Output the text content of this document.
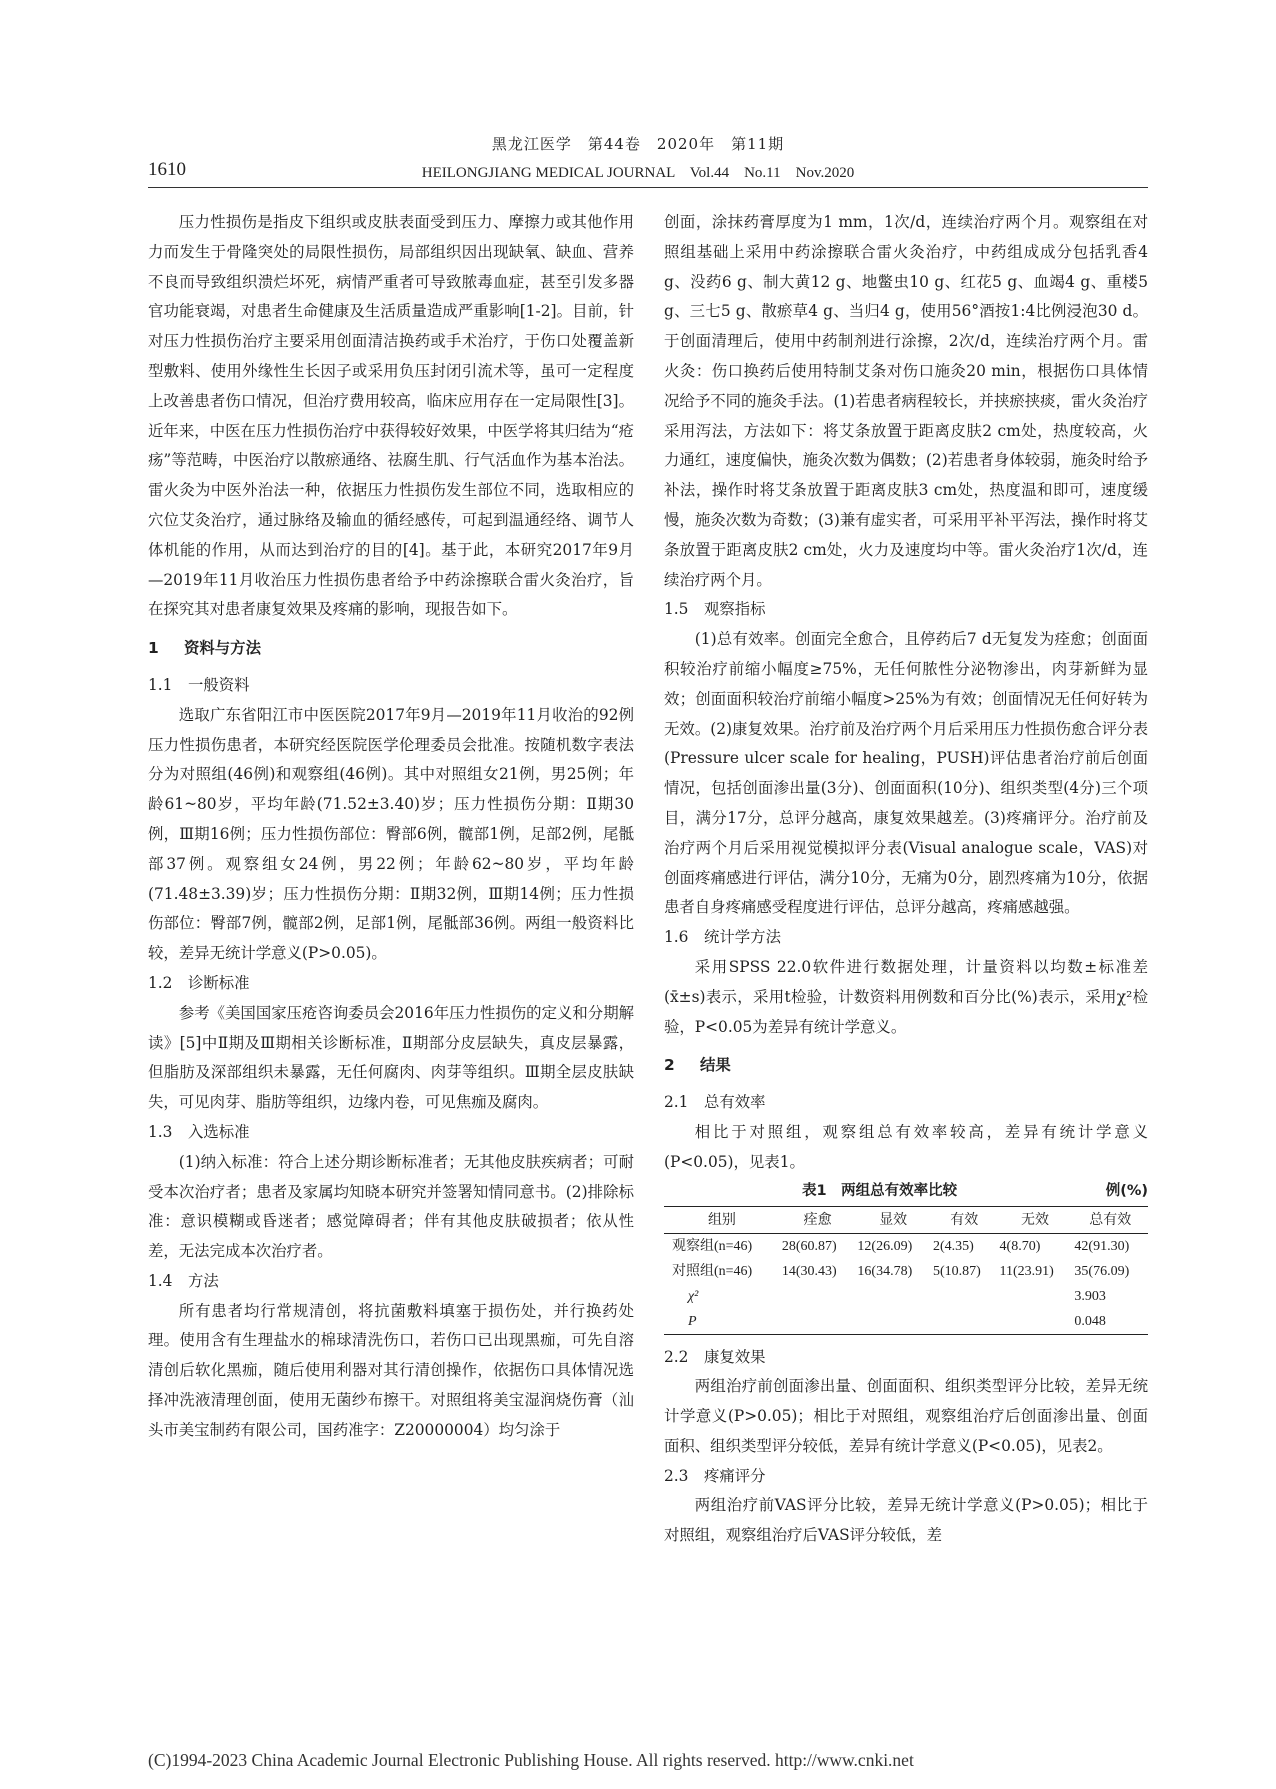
黑龙江医学　第44卷　2020年　第11期
HEILONGJIANG MEDICAL JOURNAL　Vol.44　No.11　Nov.2020
1610

压力性损伤是指皮下组织或皮肤表面受到压力、摩擦力或其他作用力而发生于骨隆突处的局限性损伤，局部组织因出现缺氧、缺血、营养不良而导致组织溃烂坏死，病情严重者可导致脓毒血症，甚至引发多器官功能衰竭，对患者生命健康及生活质量造成严重影响[1-2]。目前，针对压力性损伤治疗主要采用创面清洁换药或手术治疗，于伤口处覆盖新型敷料、使用外缘性生长因子或采用负压封闭引流术等，虽可一定程度上改善患者伤口情况，但治疗费用较高，临床应用存在一定局限性[3]。近年来，中医在压力性损伤治疗中获得较好效果，中医学将其归结为“疮疡”等范畴，中医治疗以散瘀通络、祛腐生肌、行气活血作为基本治法。雷火灸为中医外治法一种，依据压力性损伤发生部位不同，选取相应的穴位艾灸治疗，通过脉络及输血的循经感传，可起到温通经络、调节人体机能的作用，从而达到治疗的目的[4]。基于此，本研究2017年9月—2019年11月收治压力性损伤患者给予中药涂擦联合雷火灸治疗，旨在探究其对患者康复效果及疼痛的影响，现报告如下。

1 资料与方法
1.1 一般资料

选取广东省阳江市中医医院2017年9月—2019年11月收治的92例压力性损伤患者，本研究经医院医学伦理委员会批准。按随机数字表法分为对照组(46例)和观察组(46例)。其中对照组女21例，男25例；年龄61~80岁，平均年龄(71.52±3.40)岁；压力性损伤分期：Ⅱ期30例，Ⅲ期16例；压力性损伤部位：臀部6例，髋部1例，足部2例，尾骶部37例。观察组女24例，男22例；年龄62~80岁，平均年龄(71.48±3.39)岁；压力性损伤分期：Ⅱ期32例，Ⅲ期14例；压力性损伤部位：臀部7例，髋部2例，足部1例，尾骶部36例。两组一般资料比较，差异无统计学意义(P>0.05)。

1.2 诊断标准

参考《美国国家压疮咨询委员会2016年压力性损伤的定义和分期解读》[5]中Ⅱ期及Ⅲ期相关诊断标准，Ⅱ期部分皮层缺失，真皮层暴露，但脂肪及深部组织未暴露，无任何腐肉、肉芽等组织。Ⅲ期全层皮肤缺失，可见肉芽、脂肪等组织，边缘内卷，可见焦痂及腐肉。

1.3 入选标准

(1)纳入标准：符合上述分期诊断标准者；无其他皮肤疾病者；可耐受本次治疗者；患者及家属均知晓本研究并签署知情同意书。(2)排除标准：意识模糊或昏迷者；感觉障碍者；伴有其他皮肤破损者；依从性差，无法完成本次治疗者。

1.4 方法

所有患者均行常规清创，将抗菌敷料填塞于损伤处，并行换药处理。使用含有生理盐水的棉球清洗伤口，若伤口已出现黑痂，可先自溶清创后软化黑痂，随后使用利器对其行清创操作，依据伤口具体情况选择冲洗液清理创面，使用无菌纱布擦干。对照组将美宝湿润烧伤膏（汕头市美宝制药有限公司，国药准字：Z20000004）均匀涂于

创面，涂抹药膏厚度为1 mm，1次/d，连续治疗两个月。观察组在对照组基础上采用中药涂擦联合雷火灸治疗，中药组成成分包括乳香4 g、没药6 g、制大黄12 g、地鳖虫10 g、红花5 g、血竭4 g、重楼5 g、三七5 g、散瘀草4 g、当归4 g，使用56°酒按1:4比例浸泡30 d。于创面清理后，使用中药制剂进行涂擦，2次/d，连续治疗两个月。雷火灸：伤口换药后使用特制艾条对伤口施灸20 min，根据伤口具体情况给予不同的施灸手法。(1)若患者病程较长，并挟瘀挟痰，雷火灸治疗采用泻法，方法如下：将艾条放置于距离皮肤2 cm处，热度较高，火力通红，速度偏快，施灸次数为偶数；(2)若患者身体较弱，施灸时给予补法，操作时将艾条放置于距离皮肤3 cm处，热度温和即可，速度缓慢，施灸次数为奇数；(3)兼有虚实者，可采用平补平泻法，操作时将艾条放置于距离皮肤2 cm处，火力及速度均中等。雷火灸治疗1次/d，连续治疗两个月。

1.5 观察指标

(1)总有效率。创面完全愈合，且停药后7 d无复发为痊愈；创面面积较治疗前缩小幅度≥75%，无任何脓性分泌物渗出，肉芽新鲜为显效；创面面积较治疗前缩小幅度>25%为有效；创面情况无任何好转为无效。(2)康复效果。治疗前及治疗两个月后采用压力性损伤愈合评分表(Pressure ulcer scale for healing，PUSH)评估患者治疗前后创面情况，包括创面渗出量(3分)、创面面积(10分)、组织类型(4分)三个项目，满分17分，总评分越高，康复效果越差。(3)疼痛评分。治疗前及治疗两个月后采用视觉模拟评分表(Visual analogue scale，VAS)对创面疼痛感进行评估，满分10分，无痛为0分，剧烈疼痛为10分，依据患者自身疼痛感受程度进行评估，总评分越高，疼痛感越强。

1.6 统计学方法

采用SPSS 22.0软件进行数据处理，计量资料以均数±标准差(x̄±s)表示，采用t检验，计数资料用例数和百分比(%)表示，采用χ²检验，P<0.05为差异有统计学意义。

2 结果
2.1 总有效率

相比于对照组，观察组总有效率较高，差异有统计学意义(P<0.05)，见表1。

表1　两组总有效率比较	例(%)
组别	痊愈	显效	有效	无效	总有效
观察组(n=46)	28(60.87)	12(26.09)	2(4.35)	4(8.70)	42(91.30)
对照组(n=46)	14(30.43)	16(34.78)	5(10.87)	11(23.91)	35(76.09)
χ²					3.903
P					0.048
2.2 康复效果

两组治疗前创面渗出量、创面面积、组织类型评分比较，差异无统计学意义(P>0.05)；相比于对照组，观察组治疗后创面渗出量、创面面积、组织类型评分较低，差异有统计学意义(P<0.05)，见表2。

2.3 疼痛评分

两组治疗前VAS评分比较，差异无统计学意义(P>0.05)；相比于对照组，观察组治疗后VAS评分较低，差

(C)1994-2023 China Academic Journal Electronic Publishing House. All rights reserved. http://www.cnki.net
